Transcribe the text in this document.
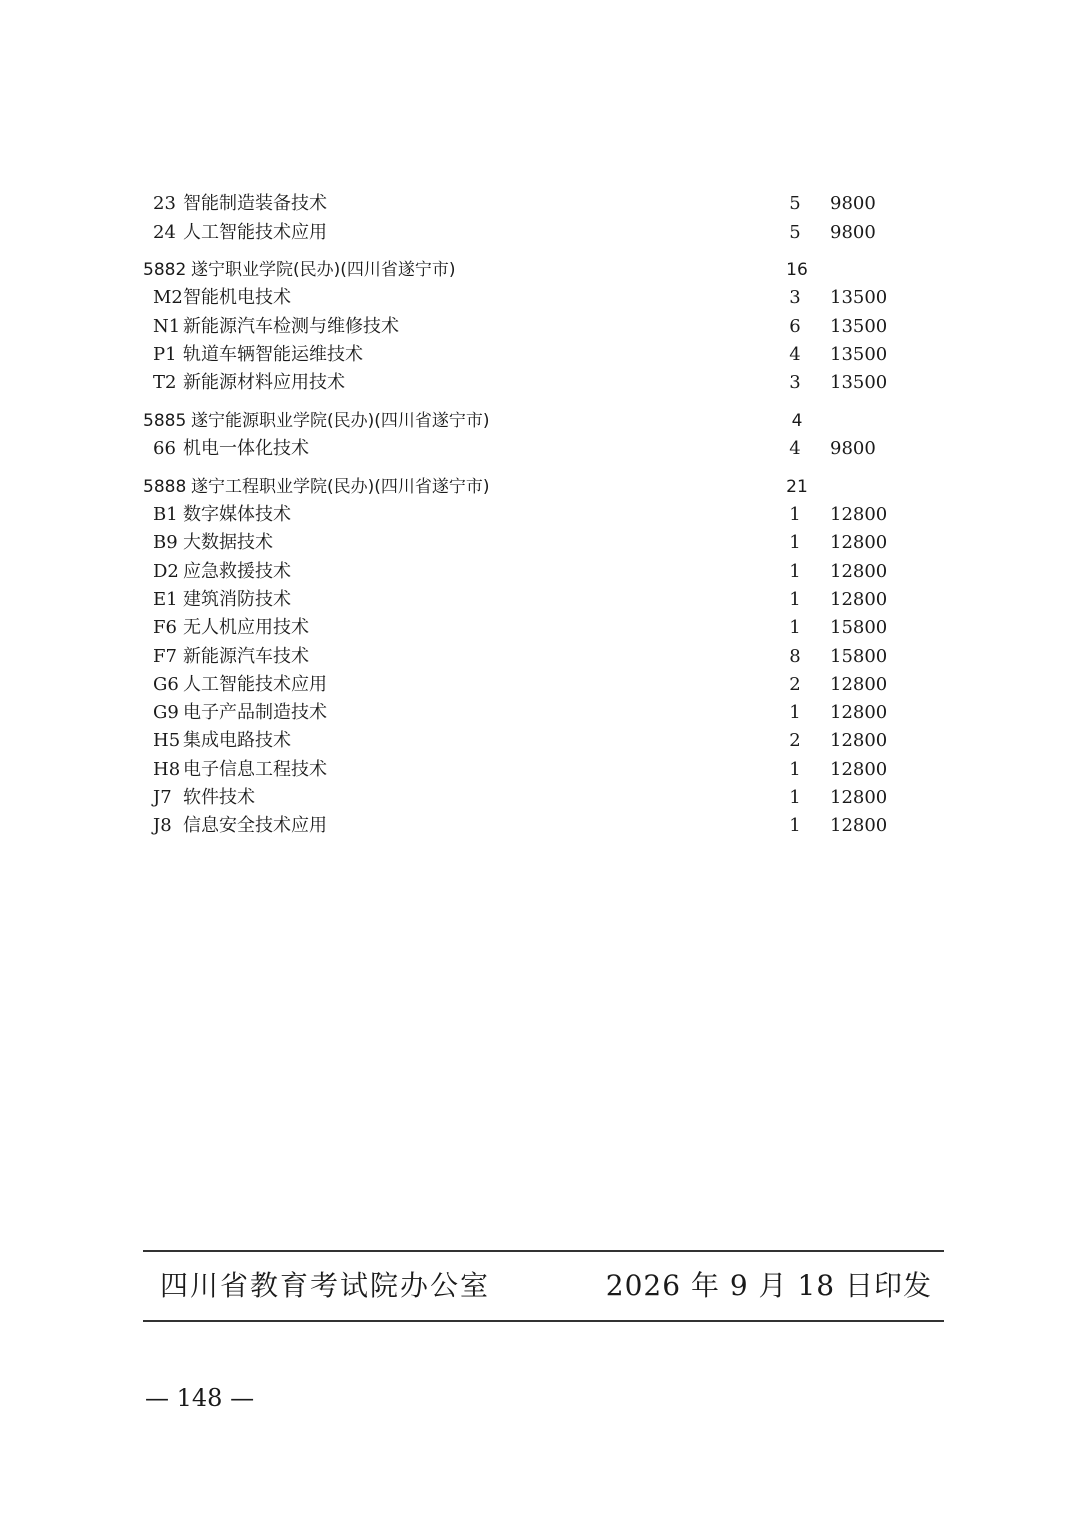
23 智能制造装备技术	5	9800
24 人工智能技术应用	5	9800
5882 遂宁职业学院(民办)(四川省遂宁市)	16
M2 智能机电技术	3	13500
N1 新能源汽车检测与维修技术	6	13500
P1 轨道车辆智能运维技术	4	13500
T2 新能源材料应用技术	3	13500
5885 遂宁能源职业学院(民办)(四川省遂宁市)	4
66 机电一体化技术	4	9800
5888 遂宁工程职业学院(民办)(四川省遂宁市)	21
B1 数字媒体技术	1	12800
B9 大数据技术	1	12800
D2 应急救援技术	1	12800
E1 建筑消防技术	1	12800
F6 无人机应用技术	1	15800
F7 新能源汽车技术	8	15800
G6 人工智能技术应用	2	12800
G9 电子产品制造技术	1	12800
H5 集成电路技术	2	12800
H8 电子信息工程技术	1	12800
J7 软件技术	1	12800
J8 信息安全技术应用	1	12800
四川省教育考试院办公室	2026 年 9 月 18 日印发
— 148 —
